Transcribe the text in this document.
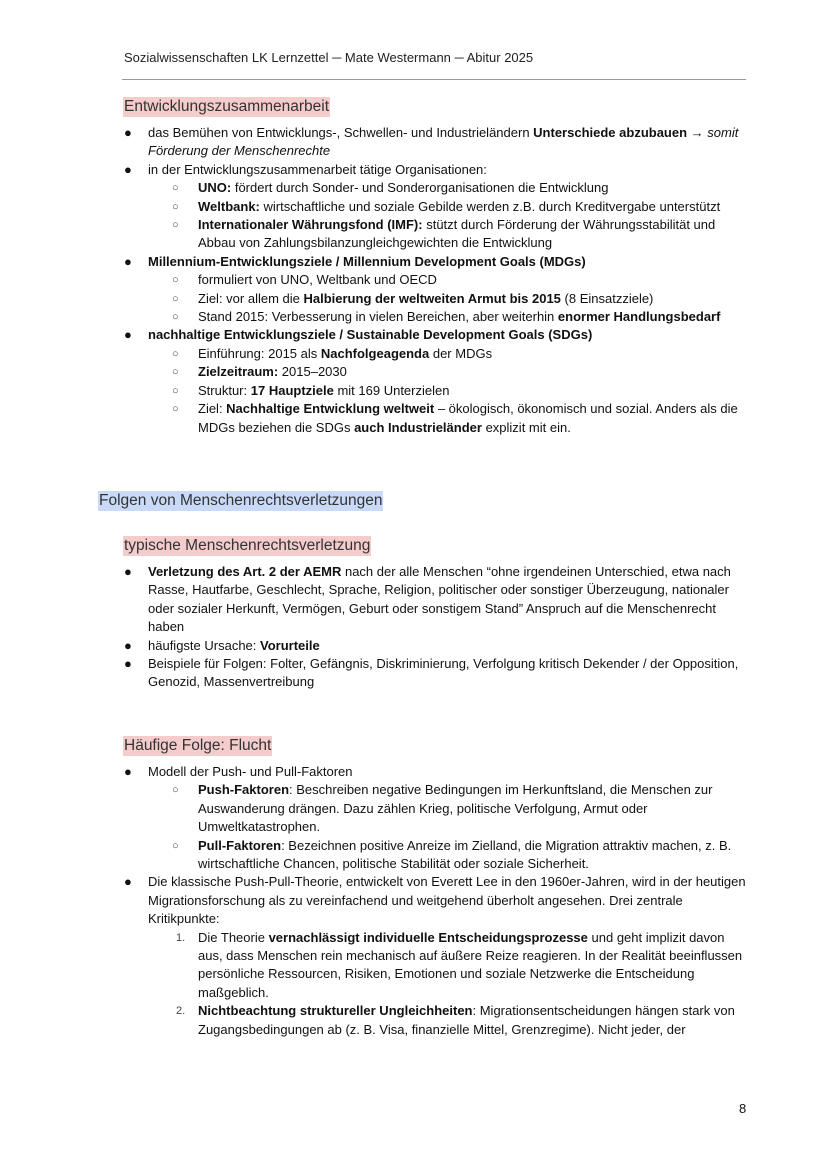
Sozialwissenschaften LK Lernzettel ─ Mate Westermann ─ Abitur 2025
Entwicklungszusammenarbeit
● das Bemühen von Entwicklungs-, Schwellen- und Industrieländern Unterschiede abzubauen → somit Förderung der Menschenrechte
● in der Entwicklungszusammenarbeit tätige Organisationen:
○ UNO: fördert durch Sonder- und Sonderorganisationen die Entwicklung
○ Weltbank: wirtschaftliche und soziale Gebilde werden z.B. durch Kreditvergabe unterstützt
○ Internationaler Währungsfond (IMF): stützt durch Förderung der Währungsstabilität und Abbau von Zahlungsbilanzungleichgewichten die Entwicklung
● Millennium-Entwicklungsziele / Millennium Development Goals (MDGs)
○ formuliert von UNO, Weltbank und OECD
○ Ziel: vor allem die Halbierung der weltweiten Armut bis 2015 (8 Einsatzziele)
○ Stand 2015: Verbesserung in vielen Bereichen, aber weiterhin enormer Handlungsbedarf
● nachhaltige Entwicklungsziele / Sustainable Development Goals (SDGs)
○ Einführung: 2015 als Nachfolgeagenda der MDGs
○ Zielzeitraum: 2015–2030
○ Struktur: 17 Hauptziele mit 169 Unterzielen
○ Ziel: Nachhaltige Entwicklung weltweit – ökologisch, ökonomisch und sozial. Anders als die MDGs beziehen die SDGs auch Industrieländer explizit mit ein.
Folgen von Menschenrechtsverletzungen
typische Menschenrechtsverletzung
● Verletzung des Art. 2 der AEMR nach der alle Menschen “ohne irgendeinen Unterschied, etwa nach Rasse, Hautfarbe, Geschlecht, Sprache, Religion, politischer oder sonstiger Überzeugung, nationaler oder sozialer Herkunft, Vermögen, Geburt oder sonstigem Stand” Anspruch auf die Menschenrecht haben
● häufigste Ursache: Vorurteile
● Beispiele für Folgen: Folter, Gefängnis, Diskriminierung, Verfolgung kritisch Dekender / der Opposition, Genozid, Massenvertreibung
Häufige Folge: Flucht
● Modell der Push- und Pull-Faktoren
○ Push-Faktoren: Beschreiben negative Bedingungen im Herkunftsland, die Menschen zur Auswanderung drängen. Dazu zählen Krieg, politische Verfolgung, Armut oder Umweltkatastrophen.
○ Pull-Faktoren: Bezeichnen positive Anreize im Zielland, die Migration attraktiv machen, z. B. wirtschaftliche Chancen, politische Stabilität oder soziale Sicherheit.
● Die klassische Push-Pull-Theorie, entwickelt von Everett Lee in den 1960er-Jahren, wird in der heutigen Migrationsforschung als zu vereinfachend und weitgehend überholt angesehen. Drei zentrale Kritikpunkte:
1. Die Theorie vernachlässigt individuelle Entscheidungsprozesse und geht implizit davon aus, dass Menschen rein mechanisch auf äußere Reize reagieren. In der Realität beeinflussen persönliche Ressourcen, Risiken, Emotionen und soziale Netzwerke die Entscheidung maßgeblich.
2. Nichtbeachtung struktureller Ungleichheiten: Migrationsentscheidungen hängen stark von Zugangsbedingungen ab (z. B. Visa, finanzielle Mittel, Grenzregime). Nicht jeder, der
8
